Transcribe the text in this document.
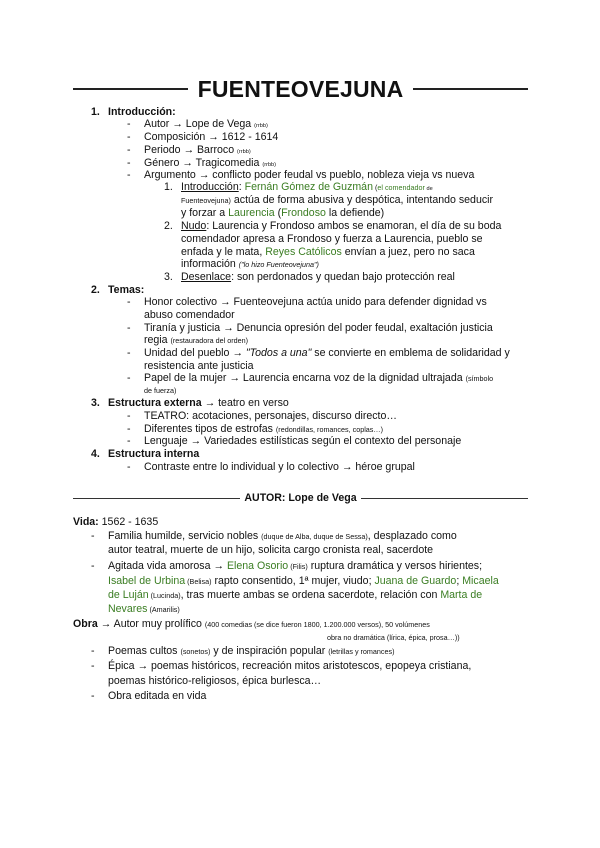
FUENTEOVEJUNA
1. Introducción:
- Autor → Lope de Vega (rrbb)
- Composición → 1612 - 1614
- Periodo → Barroco (rrbb)
- Género → Tragicomedia (rrbb)
- Argumento → conflicto poder feudal vs pueblo, nobleza vieja vs nueva
1. Introducción: Fernán Gómez de Guzmán (el comendador de
Fuenteovejuna) actúa de forma abusiva y despótica, intentando seducir
y forzar a Laurencia (Frondoso la defiende)
2. Nudo: Laurencia y Frondoso ambos se enamoran, el día de su boda
comendador apresa a Frondoso y fuerza a Laurencia, pueblo se
enfada y le mata, Reyes Católicos envían a juez, pero no saca
información ("lo hizo Fuenteovejuna")
3. Desenlace: son perdonados y quedan bajo protección real
2. Temas:
- Honor colectivo → Fuenteovejuna actúa unido para defender dignidad vs
abuso comendador
- Tiranía y justicia → Denuncia opresión del poder feudal, exaltación justicia
regia (restauradora del orden)
- Unidad del pueblo → "Todos a una" se convierte en emblema de solidaridad y
resistencia ante justicia
- Papel de la mujer → Laurencia encarna voz de la dignidad ultrajada (símbolo
de fuerza)
3. Estructura externa → teatro en verso
- TEATRO: acotaciones, personajes, discurso directo…
- Diferentes tipos de estrofas (redondillas, romances, coplas…)
- Lenguaje → Variedades estilísticas según el contexto del personaje
4. Estructura interna
- Contraste entre lo individual y lo colectivo → héroe grupal
AUTOR: Lope de Vega
Vida: 1562 - 1635
- Familia humilde, servicio nobles (duque de Alba, duque de Sessa), desplazado como
autor teatral, muerte de un hijo, solicita cargo cronista real, sacerdote
- Agitada vida amorosa → Elena Osorio (Filis) ruptura dramática y versos hirientes;
Isabel de Urbina (Belisa) rapto consentido, 1ª mujer, viudo; Juana de Guardo; Micaela
de Luján (Lucinda), tras muerte ambas se ordena sacerdote, relación con Marta de
Nevares (Amarilis)
Obra → Autor muy prolífico (400 comedias (se dice fueron 1800, 1.200.000 versos), 50 volúmenes
obra no dramática (lírica, épica, prosa…))
- Poemas cultos (sonetos) y de inspiración popular (letrillas y romances)
- Épica → poemas históricos, recreación mitos aristotescos, epopeya cristiana,
poemas histórico-religiosos, épica burlesca…
- Obra editada en vida
